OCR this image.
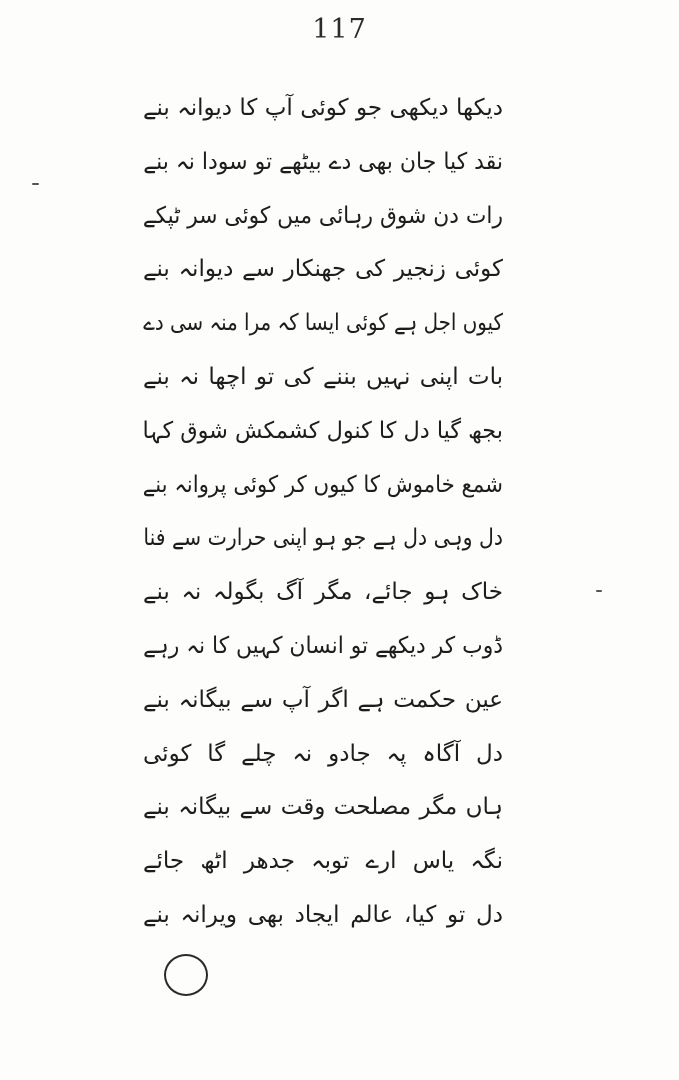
117
دیکھا دیکھی جو کوئی آپ کا دیوانہ بنے
نقد کیا جان بھی دے بیٹھے تو سودا نہ بنے
رات دن شوق رہائی میں کوئی سر ٹپکے
کوئی زنجیر کی جھنکار سے دیوانہ بنے
کیوں اجل ہے کوئی ایسا کہ مرا منہ سی دے
بات اپنی نہیں بننے کی تو اچھا نہ بنے
بجھ گیا دل کا کنول کشمکش شوق کہا
شمع خاموش کا کیوں کر کوئی پروانہ بنے
دل وہی دل ہے جو ہو اپنی حرارت سے فنا
خاک ہو جائے، مگر آگ بگولہ نہ بنے
ڈوب کر دیکھے تو انسان کہیں کا نہ رہے
عین حکمت ہے اگر آپ سے بیگانہ بنے
دل آگاہ پہ جادو نہ چلے گا کوئی
ہاں مگر مصلحت وقت سے بیگانہ بنے
نگہ یاس ارے توبہ جدھر اٹھ جائے
دل تو کیا، عالم ایجاد بھی ویرانہ بنے
